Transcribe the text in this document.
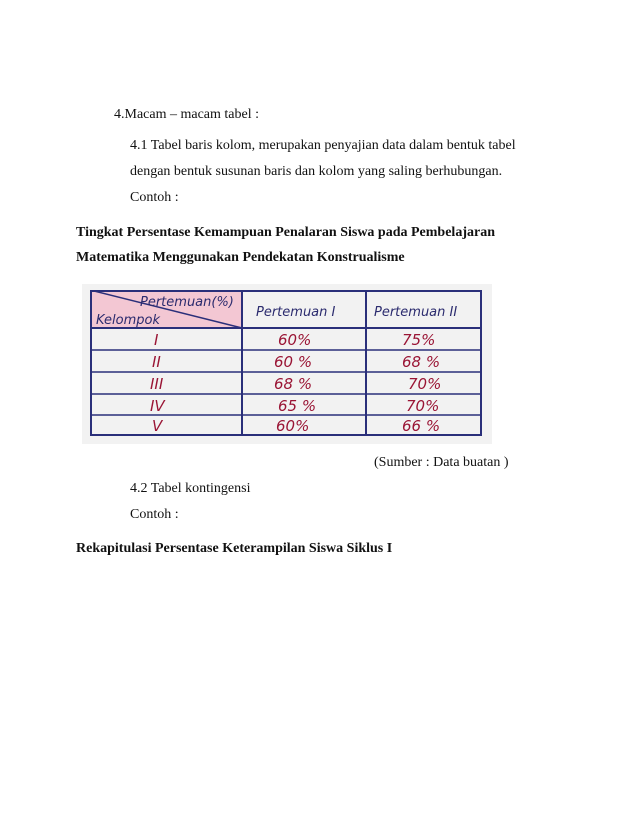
4.Macam – macam tabel :
4.1 Tabel baris kolom, merupakan penyajian data dalam bentuk tabel
dengan bentuk susunan baris dan kolom yang saling berhubungan.
Contoh :
Tingkat Persentase Kemampuan Penalaran Siswa pada Pembelajaran
Matematika Menggunakan Pendekatan Konstrualisme
Pertemuan(%)
Kelompok
Pertemuan I	Pertemuan II
I	60%	75%
II	60 %	68 %
III	68 %	70%
IV	65 %	70%
V	60%	66 %
(Sumber : Data buatan )
4.2 Tabel kontingensi
Contoh :
Rekapitulasi Persentase Keterampilan Siswa Siklus I
